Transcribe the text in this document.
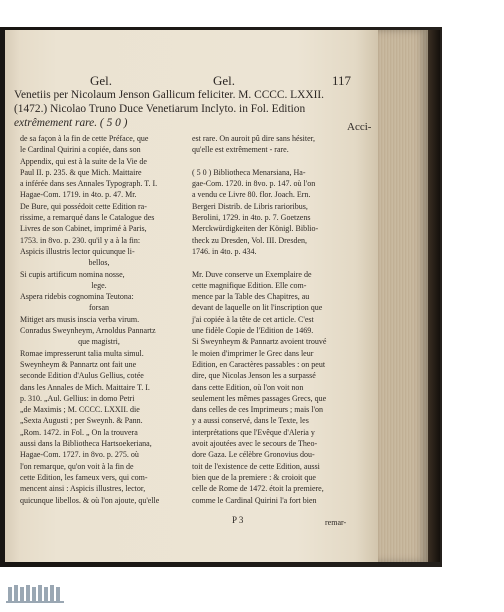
Gel.	Gel.	117
Venetiis per Nicolaum Jenson Gallicum feliciter. M. CCCC. LXXII.
(1472.) Nicolao Truno Duce Venetiarum Inclyto. in Fol. Edition
extrêmement rare. ( 5 0 )	Acci-
de sa façon à la fin de cette Préface, que
le Cardinal Quirini a copiée, dans son
Appendix, qui est à la suite de la Vie de
Paul II. p. 235. & que Mich. Maittaire
a inférée dans ses Annales Typograph. T. I.
Hagae-Com. 1719. in 4to. p. 47. Mr.
De Bure, qui possédoit cette Edition ra-
rissime, a remarqué dans le Catalogue des
Livres de son Cabinet, imprimé à Paris,
1753. in 8vo. p. 230. qu'il y a à la fin:
Aspicis illustris lector quicunque li-
bellos,
Si cupis artificum nomina nosse,
lege.
Aspera ridebis cognomina Teutona:
forsan
Mitiget ars musis inscia verba virum.
Conradus Sweynheym, Arnoldus Pannartz
que magistri,
Romae impresserunt talia multa simul.
Sweynheym & Pannartz ont fait une
seconde Edition d'Aulus Gellius, cotée
dans les Annales de Mich. Maittaire T. I.
p. 310. „Aul. Gellius: in domo Petri
„de Maximis ; M. CCCC. LXXII. die
„Sexta Augusti ; per Sweynh. & Pann.
„Rom. 1472. in Fol. „ On la trouvera
aussi dans la Bibliotheca Hartsoekeriana,
Hagae-Com. 1727. in 8vo. p. 275. où
l'on remarque, qu'on voit à la fin de
cette Edition, les fameux vers, qui com-
mencent ainsi : Aspicis illustres, lector,
quicunque libellos. & où l'on ajoute, qu'elle
est rare. On auroit pû dire sans hésiter,
qu'elle est extrêmement - rare.
( 5 0 ) Bibliotheca Menarsiana, Ha-
gae-Com. 1720. in 8vo. p. 147. où l'on
a vendu ce Livre 80. flor. Joach. Ern.
Bergeri Distrib. de Libris rarioribus,
Berolini, 1729. in 4to. p. 7. Goetzens
Merckwürdigkeiten der Königl. Biblio-
theck zu Dresden, Vol. III. Dresden,
1746. in 4to. p. 434.
Mr. Duve conserve un Exemplaire de
cette magnifique Edition. Elle com-
mence par la Table des Chapitres, au
devant de laquelle on lit l'inscription que
j'ai copiée à la tête de cet article. C'est
une fidèle Copie de l'Edition de 1469.
Si Sweynheym & Pannartz avoient trouvé
le moien d'imprimer le Grec dans leur
Edition, en Caractères passables : on peut
dire, que Nicolas Jenson les a surpassé
dans cette Edition, où l'on voit non
seulement les mêmes passages Grecs, que
dans celles de ces Imprimeurs ; mais l'on
y a aussi conservé, dans le Texte, les
interprétations que l'Evêque d'Aleria y
avoit ajoutées avec le secours de Theo-
dore Gaza. Le célèbre Gronovius dou-
toit de l'existence de cette Edition, aussi
bien que de la premiere : & croioit que
celle de Rome de 1472. étoit la premiere,
comme le Cardinal Quirini l'a fort bien
P 3	remar-
